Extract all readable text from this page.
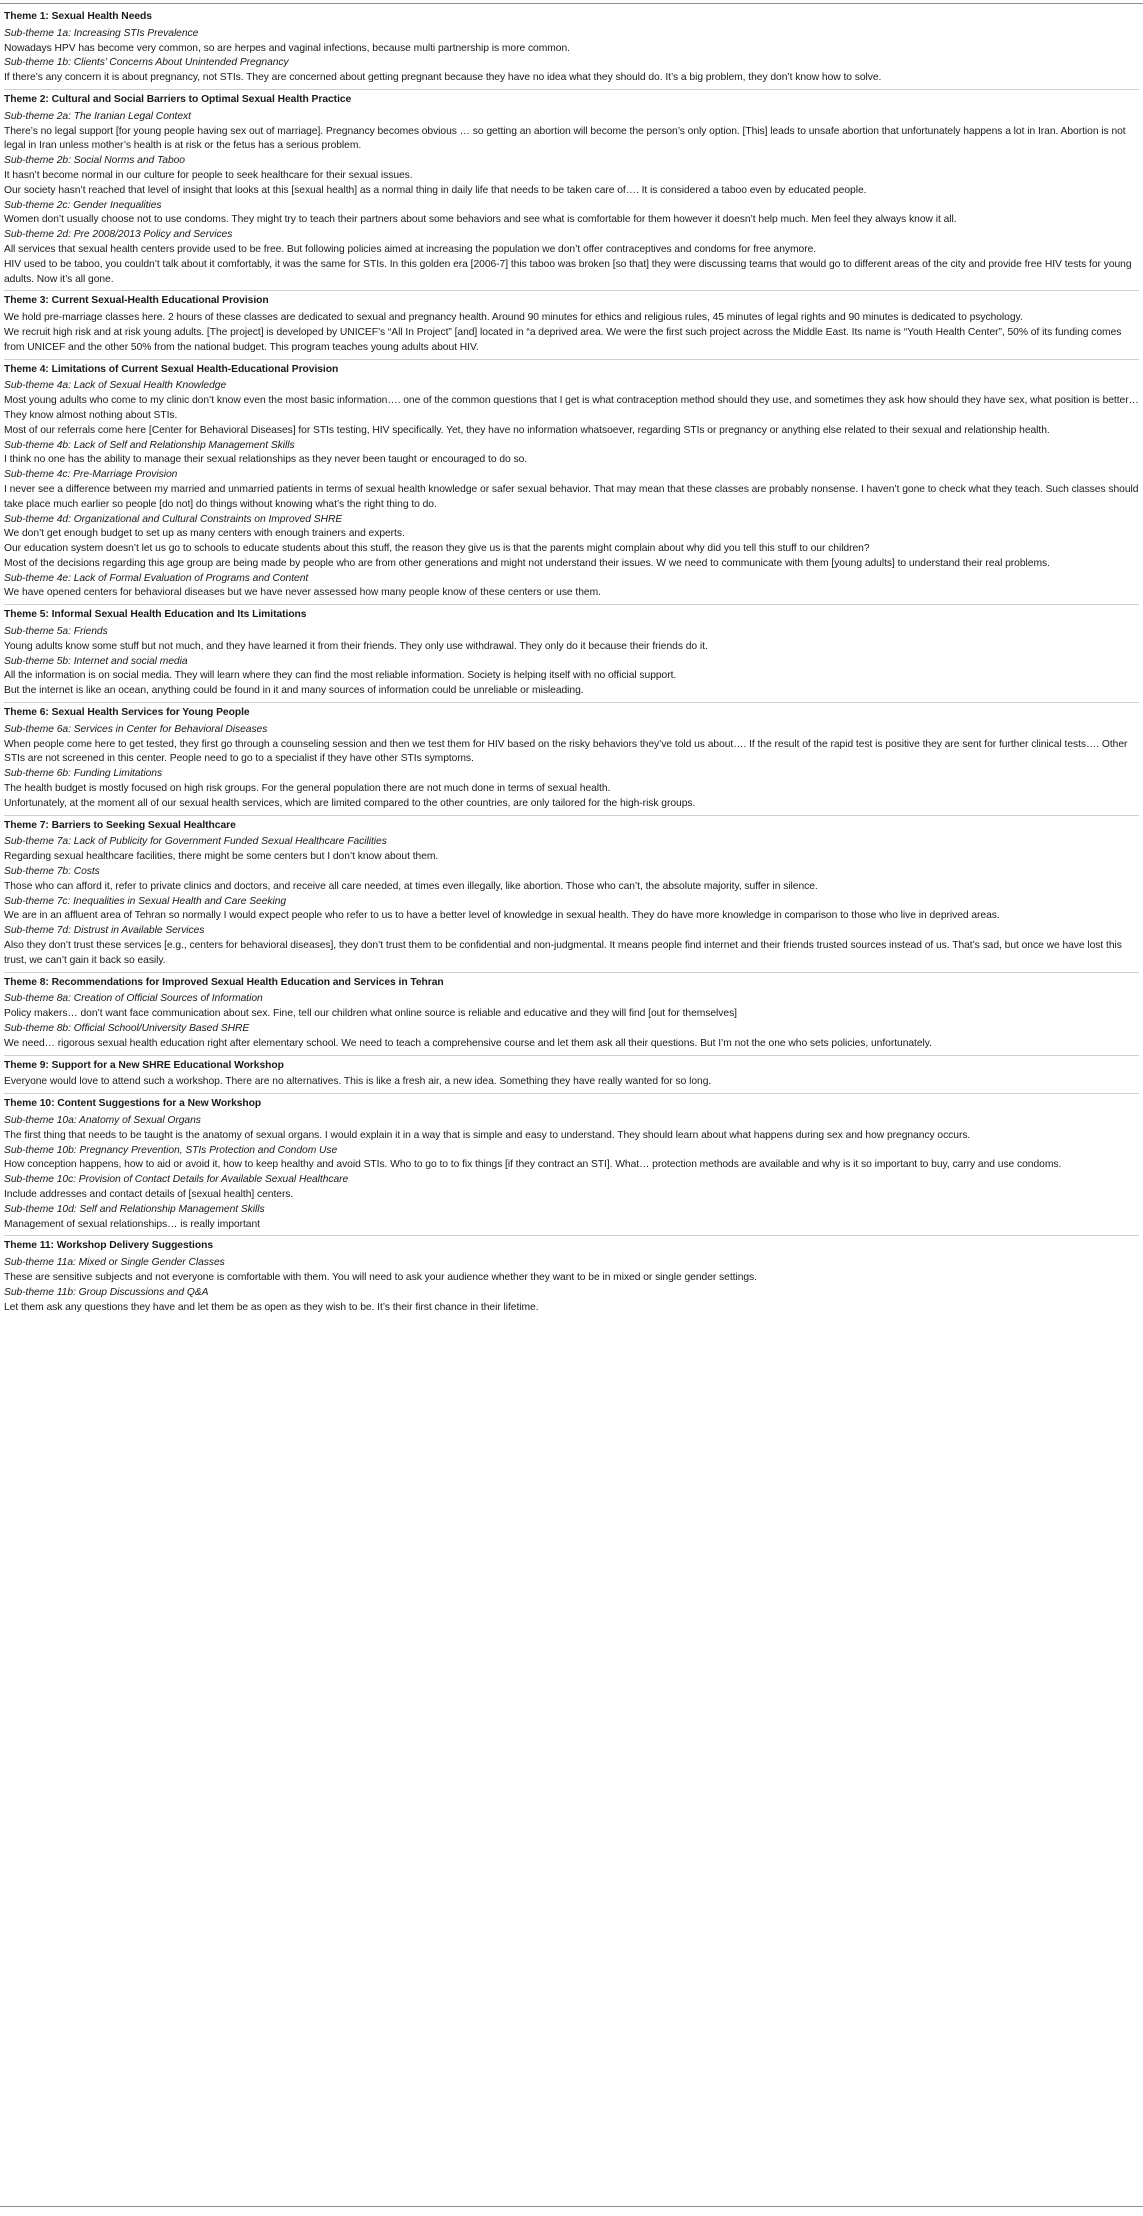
Theme 1: Sexual Health Needs

Sub-theme 1a: Increasing STIs Prevalence

Nowadays HPV has become very common, so are herpes and vaginal infections, because multi partnership is more common.

Sub-theme 1b: Clients’ Concerns About Unintended Pregnancy

If there’s any concern it is about pregnancy, not STIs. They are concerned about getting pregnant because they have no idea what they should do. It’s a big problem, they don’t know how to solve.

Theme 2: Cultural and Social Barriers to Optimal Sexual Health Practice

Sub-theme 2a: The Iranian Legal Context

There’s no legal support [for young people having sex out of marriage]. Pregnancy becomes obvious … so getting an abortion will become the person’s only option. [This] leads to unsafe abortion that unfortunately happens a lot in Iran. Abortion is not legal in Iran unless mother’s health is at risk or the fetus has a serious problem.

Sub-theme 2b: Social Norms and Taboo

It hasn’t become normal in our culture for people to seek healthcare for their sexual issues.

Our society hasn’t reached that level of insight that looks at this [sexual health] as a normal thing in daily life that needs to be taken care of…. It is considered a taboo even by educated people.

Sub-theme 2c: Gender Inequalities

Women don’t usually choose not to use condoms. They might try to teach their partners about some behaviors and see what is comfortable for them however it doesn’t help much. Men feel they always know it all.

Sub-theme 2d: Pre 2008/2013 Policy and Services

All services that sexual health centers provide used to be free. But following policies aimed at increasing the population we don’t offer contraceptives and condoms for free anymore.

HIV used to be taboo, you couldn’t talk about it comfortably, it was the same for STIs. In this golden era [2006-7] this taboo was broken [so that] they were discussing teams that would go to different areas of the city and provide free HIV tests for young adults. Now it’s all gone.

Theme 3: Current Sexual-Health Educational Provision

We hold pre-marriage classes here. 2 hours of these classes are dedicated to sexual and pregnancy health. Around 90 minutes for ethics and religious rules, 45 minutes of legal rights and 90 minutes is dedicated to psychology.

We recruit high risk and at risk young adults. [The project] is developed by UNICEF’s “All In Project” [and] located in “a deprived area. We were the first such project across the Middle East. Its name is “Youth Health Center”, 50% of its funding comes from UNICEF and the other 50% from the national budget. This program teaches young adults about HIV.

Theme 4: Limitations of Current Sexual Health-Educational Provision

Sub-theme 4a: Lack of Sexual Health Knowledge

Most young adults who come to my clinic don’t know even the most basic information…. one of the common questions that I get is what contraception method should they use, and sometimes they ask how should they have sex, what position is better… They know almost nothing about STIs.

Most of our referrals come here [Center for Behavioral Diseases] for STIs testing, HIV specifically. Yet, they have no information whatsoever, regarding STIs or pregnancy or anything else related to their sexual and relationship health.

Sub-theme 4b: Lack of Self and Relationship Management Skills

I think no one has the ability to manage their sexual relationships as they never been taught or encouraged to do so.

Sub-theme 4c: Pre-Marriage Provision

I never see a difference between my married and unmarried patients in terms of sexual health knowledge or safer sexual behavior. That may mean that these classes are probably nonsense. I haven’t gone to check what they teach. Such classes should take place much earlier so people [do not] do things without knowing what’s the right thing to do.

Sub-theme 4d: Organizational and Cultural Constraints on Improved SHRE

We don’t get enough budget to set up as many centers with enough trainers and experts.

Our education system doesn’t let us go to schools to educate students about this stuff, the reason they give us is that the parents might complain about why did you tell this stuff to our children?

Most of the decisions regarding this age group are being made by people who are from other generations and might not understand their issues. W we need to communicate with them [young adults] to understand their real problems.

Sub-theme 4e: Lack of Formal Evaluation of Programs and Content

We have opened centers for behavioral diseases but we have never assessed how many people know of these centers or use them.

Theme 5: Informal Sexual Health Education and Its Limitations

Sub-theme 5a: Friends

Young adults know some stuff but not much, and they have learned it from their friends. They only use withdrawal. They only do it because their friends do it.

Sub-theme 5b: Internet and social media

All the information is on social media. They will learn where they can find the most reliable information. Society is helping itself with no official support.

But the internet is like an ocean, anything could be found in it and many sources of information could be unreliable or misleading.

Theme 6: Sexual Health Services for Young People

Sub-theme 6a: Services in Center for Behavioral Diseases

When people come here to get tested, they first go through a counseling session and then we test them for HIV based on the risky behaviors they’ve told us about…. If the result of the rapid test is positive they are sent for further clinical tests…. Other STIs are not screened in this center. People need to go to a specialist if they have other STIs symptoms.

Sub-theme 6b: Funding Limitations

The health budget is mostly focused on high risk groups. For the general population there are not much done in terms of sexual health.

Unfortunately, at the moment all of our sexual health services, which are limited compared to the other countries, are only tailored for the high-risk groups.

Theme 7: Barriers to Seeking Sexual Healthcare

Sub-theme 7a: Lack of Publicity for Government Funded Sexual Healthcare Facilities

Regarding sexual healthcare facilities, there might be some centers but I don’t know about them.

Sub-theme 7b: Costs

Those who can afford it, refer to private clinics and doctors, and receive all care needed, at times even illegally, like abortion. Those who can’t, the absolute majority, suffer in silence.

Sub-theme 7c: Inequalities in Sexual Health and Care Seeking

We are in an affluent area of Tehran so normally I would expect people who refer to us to have a better level of knowledge in sexual health. They do have more knowledge in comparison to those who live in deprived areas.

Sub-theme 7d: Distrust in Available Services

Also they don’t trust these services [e.g., centers for behavioral diseases], they don’t trust them to be confidential and non-judgmental. It means people find internet and their friends trusted sources instead of us. That’s sad, but once we have lost this trust, we can’t gain it back so easily.

Theme 8: Recommendations for Improved Sexual Health Education and Services in Tehran

Sub-theme 8a: Creation of Official Sources of Information

Policy makers… don’t want face communication about sex. Fine, tell our children what online source is reliable and educative and they will find [out for themselves]

Sub-theme 8b: Official School/University Based SHRE

We need… rigorous sexual health education right after elementary school. We need to teach a comprehensive course and let them ask all their questions. But I’m not the one who sets policies, unfortunately.

Theme 9: Support for a New SHRE Educational Workshop

Everyone would love to attend such a workshop. There are no alternatives. This is like a fresh air, a new idea. Something they have really wanted for so long.

Theme 10: Content Suggestions for a New Workshop

Sub-theme 10a: Anatomy of Sexual Organs

The first thing that needs to be taught is the anatomy of sexual organs. I would explain it in a way that is simple and easy to understand. They should learn about what happens during sex and how pregnancy occurs.

Sub-theme 10b: Pregnancy Prevention, STIs Protection and Condom Use

How conception happens, how to aid or avoid it, how to keep healthy and avoid STIs. Who to go to to fix things [if they contract an STI]. What… protection methods are available and why is it so important to buy, carry and use condoms.

Sub-theme 10c: Provision of Contact Details for Available Sexual Healthcare

Include addresses and contact details of [sexual health] centers.

Sub-theme 10d: Self and Relationship Management Skills

Management of sexual relationships… is really important

Theme 11: Workshop Delivery Suggestions

Sub-theme 11a: Mixed or Single Gender Classes

These are sensitive subjects and not everyone is comfortable with them. You will need to ask your audience whether they want to be in mixed or single gender settings.

Sub-theme 11b: Group Discussions and Q&A

Let them ask any questions they have and let them be as open as they wish to be. It’s their first chance in their lifetime.
